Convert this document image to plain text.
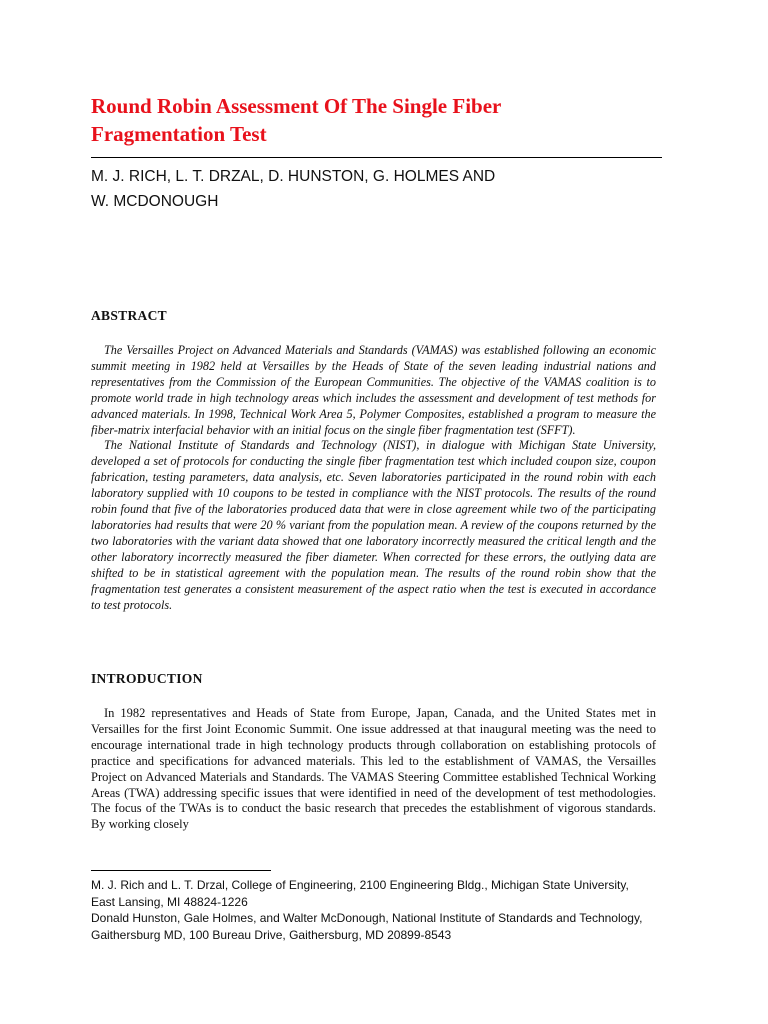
Round Robin Assessment Of The Single Fiber
Fragmentation Test
M. J. RICH, L. T. DRZAL, D. HUNSTON, G. HOLMES AND
W. MCDONOUGH
ABSTRACT

The Versailles Project on Advanced Materials and Standards (VAMAS) was established following an economic summit meeting in 1982 held at Versailles by the Heads of State of the seven leading industrial nations and representatives from the Commission of the European Communities. The objective of the VAMAS coalition is to promote world trade in high technology areas which includes the assessment and development of test methods for advanced materials. In 1998, Technical Work Area 5, Polymer Composites, established a program to measure the fiber-matrix interfacial behavior with an initial focus on the single fiber fragmentation test (SFFT).

The National Institute of Standards and Technology (NIST), in dialogue with Michigan State University, developed a set of protocols for conducting the single fiber fragmentation test which included coupon size, coupon fabrication, testing parameters, data analysis, etc. Seven laboratories participated in the round robin with each laboratory supplied with 10 coupons to be tested in compliance with the NIST protocols. The results of the round robin found that five of the laboratories produced data that were in close agreement while two of the participating laboratories had results that were 20 % variant from the population mean. A review of the coupons returned by the two laboratories with the variant data showed that one laboratory incorrectly measured the critical length and the other laboratory incorrectly measured the fiber diameter. When corrected for these errors, the outlying data are shifted to be in statistical agreement with the population mean. The results of the round robin show that the fragmentation test generates a consistent measurement of the aspect ratio when the test is executed in accordance to test protocols.

INTRODUCTION

In 1982 representatives and Heads of State from Europe, Japan, Canada, and the United States met in Versailles for the first Joint Economic Summit. One issue addressed at that inaugural meeting was the need to encourage international trade in high technology products through collaboration on establishing protocols of practice and specifications for advanced materials. This led to the establishment of VAMAS, the Versailles Project on Advanced Materials and Standards. The VAMAS Steering Committee established Technical Working Areas (TWA) addressing specific issues that were identified in need of the development of test methodologies. The focus of the TWAs is to conduct the basic research that precedes the establishment of vigorous standards. By working closely

M. J. Rich and L. T. Drzal, College of Engineering, 2100 Engineering Bldg., Michigan State University, East Lansing, MI 48824-1226

Donald Hunston, Gale Holmes, and Walter McDonough, National Institute of Standards and Technology, Gaithersburg MD, 100 Bureau Drive, Gaithersburg, MD 20899-8543
